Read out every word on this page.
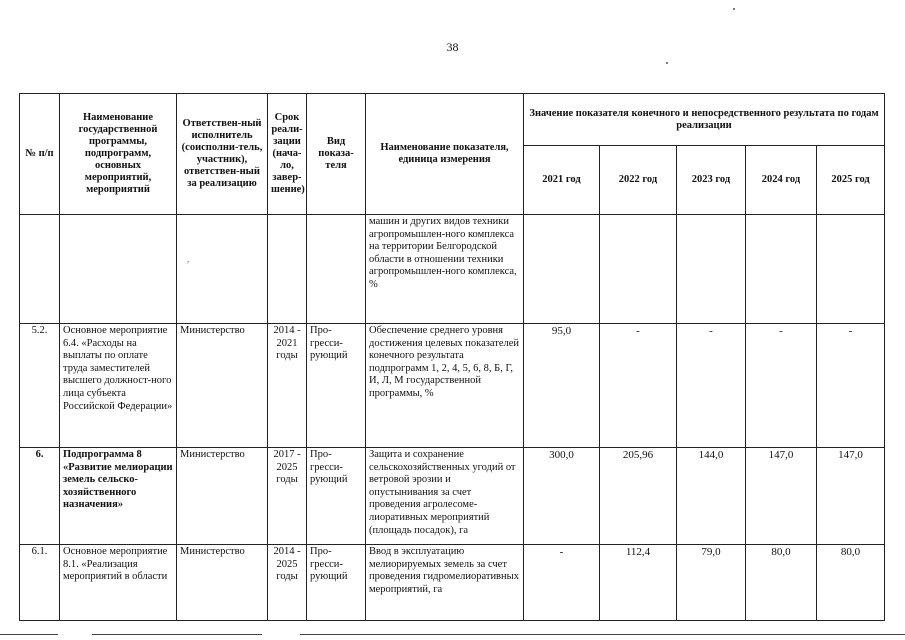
38
,
№ п/п	Наименование государственной программы, подпрограмм, основных мероприятий, мероприятий	Ответствен-ный исполнитель (соисполни-тель, участник), ответствен-ный за реализацию	Срок реали-зации (нача-ло, завер-шение)	Вид показа-теля	Наименование показателя, единица измерения	Значение показателя конечного и непосредственного результата по годам реализации				
						2021 год	2022 год	2023 год	2024 год	2025 год
					машин и других видов техники агропромышлен-ного комплекса на территории Белгородской области в отношении техники агропромышлен-ного комплекса, %					
5.2.	Основное мероприятие 6.4. «Расходы на выплаты по оплате труда заместителей высшего должност-ного лица субъекта Российской Федерации»	Министерство	2014 - 2021 годы	Про-гресси-рующий	Обеспечение среднего уровня достижения целевых показателей конечного результата подпрограмм 1, 2, 4, 5, 6, 8, Б, Г, И, Л, М государственной программы, %	95,0	-	-	-	-
6.	Подпрограмма 8 «Развитие мелиорации земель сельско-хозяйственного назначения»	Министерство	2017 - 2025 годы	Про-гресси-рующий	Защита и сохранение сельскохозяйственных угодий от ветровой эрозии и опустынивания за счет проведения агролесоме-лиоративных мероприятий (площадь посадок), га	300,0	205,96	144,0	147,0	147,0
6.1.	Основное мероприятие 8.1. «Реализация мероприятий в области	Министерство	2014 - 2025 годы	Про-гресси-рующий	Ввод в эксплуатацию мелиорируемых земель за счет проведения гидромелиоративных мероприятий, га	-	112,4	79,0	80,0	80,0
